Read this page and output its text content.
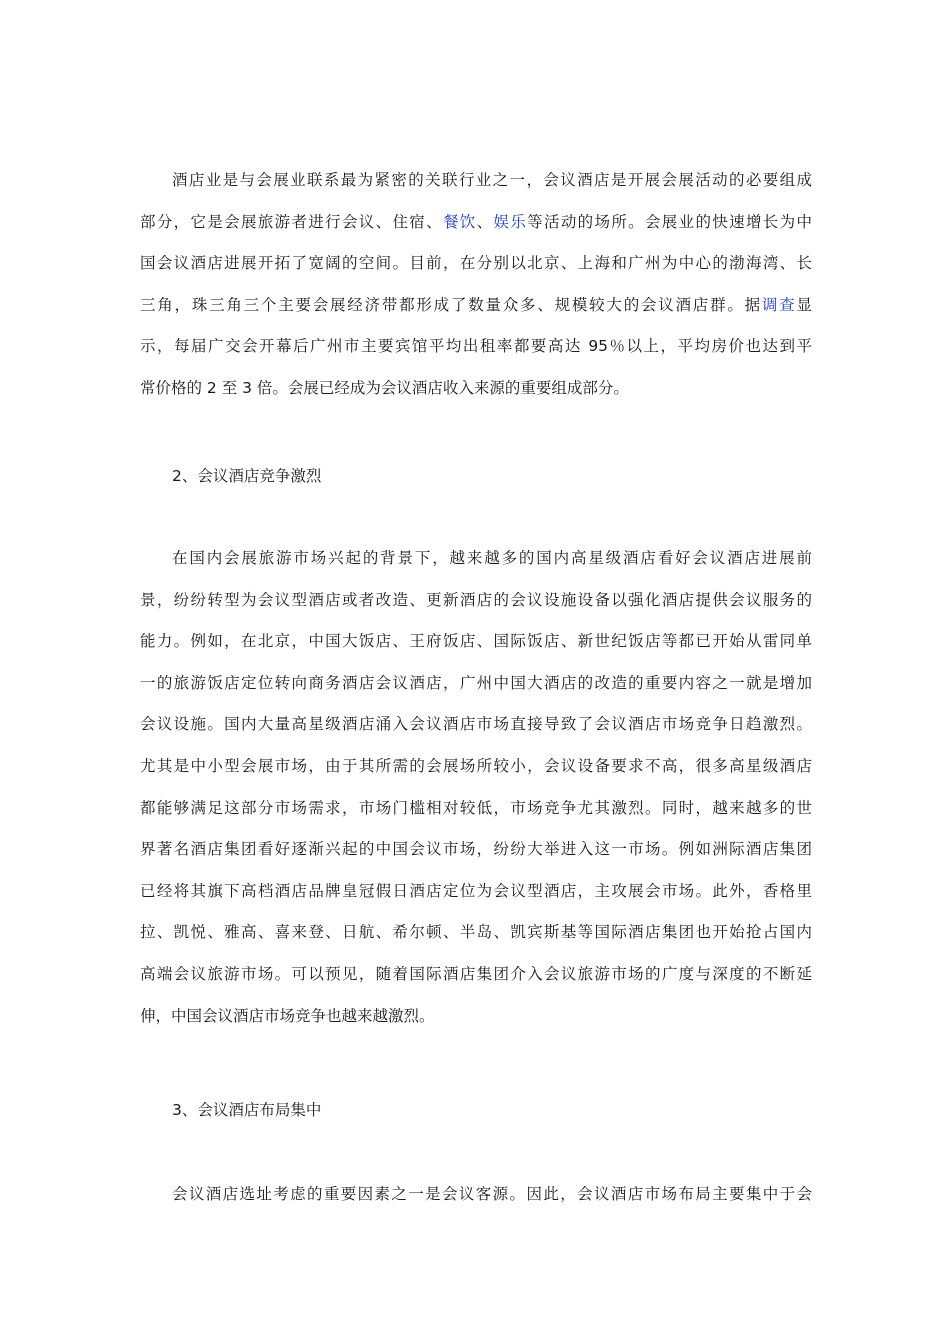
酒店业是与会展业联系最为紧密的关联行业之一，会议酒店是开展会展活动的必要组成
部分，它是会展旅游者进行会议、住宿、餐饮、娱乐等活动的场所。会展业的快速增长为中
国会议酒店进展开拓了宽阔的空间。目前，在分别以北京、上海和广州为中心的渤海湾、长
三角，珠三角三个主要会展经济带都形成了数量众多、规模较大的会议酒店群。据调查显
示，每届广交会开幕后广州市主要宾馆平均出租率都要高达 95％以上，平均房价也达到平
常价格的 2 至 3 倍。会展已经成为会议酒店收入来源的重要组成部分。

2、会议酒店竞争激烈

在国内会展旅游市场兴起的背景下，越来越多的国内高星级酒店看好会议酒店进展前
景，纷纷转型为会议型酒店或者改造、更新酒店的会议设施设备以强化酒店提供会议服务的
能力。例如，在北京，中国大饭店、王府饭店、国际饭店、新世纪饭店等都已开始从雷同单
一的旅游饭店定位转向商务酒店会议酒店，广州中国大酒店的改造的重要内容之一就是增加
会议设施。国内大量高星级酒店涌入会议酒店市场直接导致了会议酒店市场竞争日趋激烈。
尤其是中小型会展市场，由于其所需的会展场所较小，会议设备要求不高，很多高星级酒店
都能够满足这部分市场需求，市场门槛相对较低，市场竞争尤其激烈。同时，越来越多的世
界著名酒店集团看好逐渐兴起的中国会议市场，纷纷大举进入这一市场。例如洲际酒店集团
已经将其旗下高档酒店品牌皇冠假日酒店定位为会议型酒店，主攻展会市场。此外，香格里
拉、凯悦、雅高、喜来登、日航、希尔顿、半岛、凯宾斯基等国际酒店集团也开始抢占国内
高端会议旅游市场。可以预见，随着国际酒店集团介入会议旅游市场的广度与深度的不断延
伸，中国会议酒店市场竞争也越来越激烈。

3、会议酒店布局集中

会议酒店选址考虑的重要因素之一是会议客源。因此，会议酒店市场布局主要集中于会
